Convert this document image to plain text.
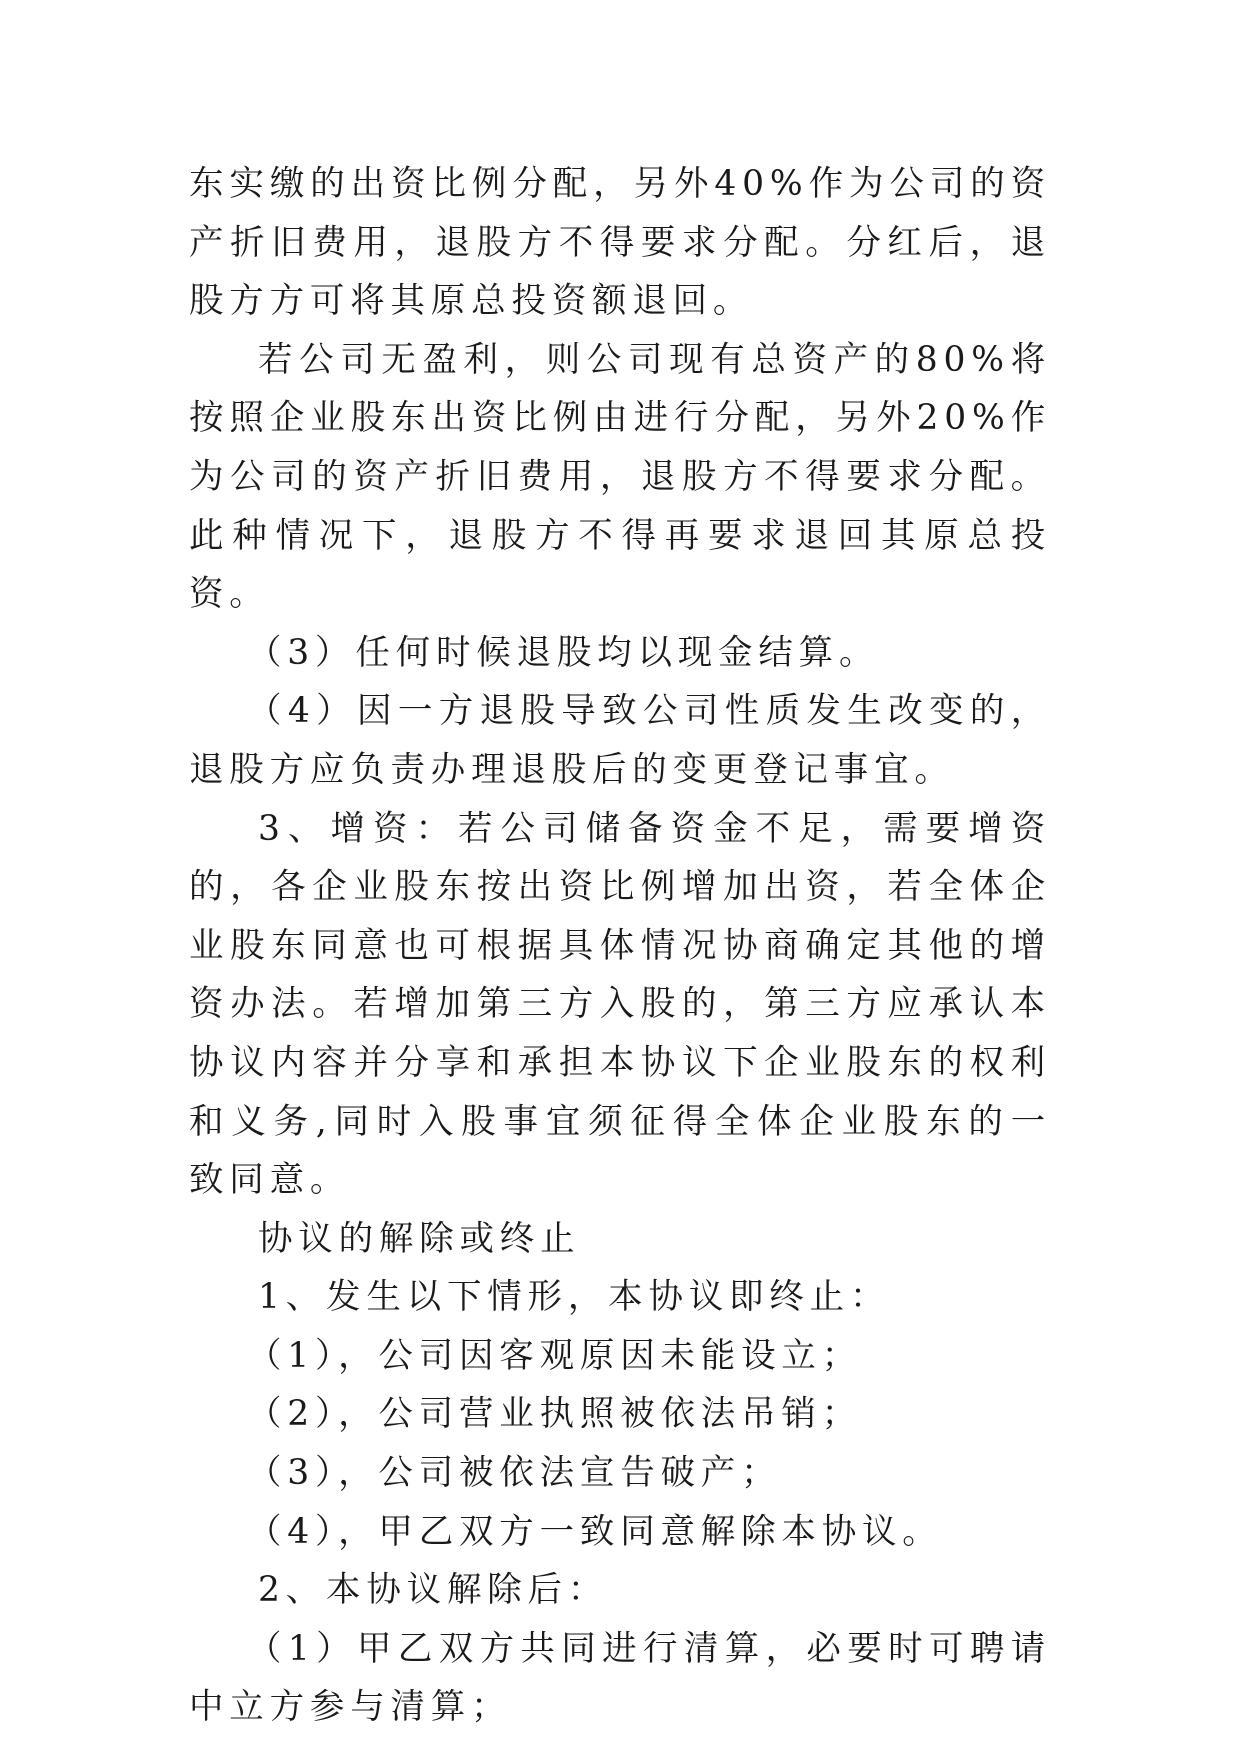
东实缴的出资比例分配，另外40%作为公司的资产折旧费用，退股方不得要求分配。分红后，退股方方可将其原总投资额退回。

若公司无盈利，则公司现有总资产的80%将按照企业股东出资比例由进行分配，另外20%作为公司的资产折旧费用，退股方不得要求分配。此种情况下，退股方不得再要求退回其原总投资。

（3）任何时候退股均以现金结算。

（4）因一方退股导致公司性质发生改变的，退股方应负责办理退股后的变更登记事宜。

3、增资：若公司储备资金不足，需要增资的，各企业股东按出资比例增加出资，若全体企业股东同意也可根据具体情况协商确定其他的增资办法。若增加第三方入股的，第三方应承认本协议内容并分享和承担本协议下企业股东的权利和义务,同时入股事宜须征得全体企业股东的一致同意。

协议的解除或终止

1、发生以下情形，本协议即终止：

（1），公司因客观原因未能设立；

（2），公司营业执照被依法吊销；

（3），公司被依法宣告破产；

（4），甲乙双方一致同意解除本协议。

2、本协议解除后：

（1）甲乙双方共同进行清算，必要时可聘请中立方参与清算；
